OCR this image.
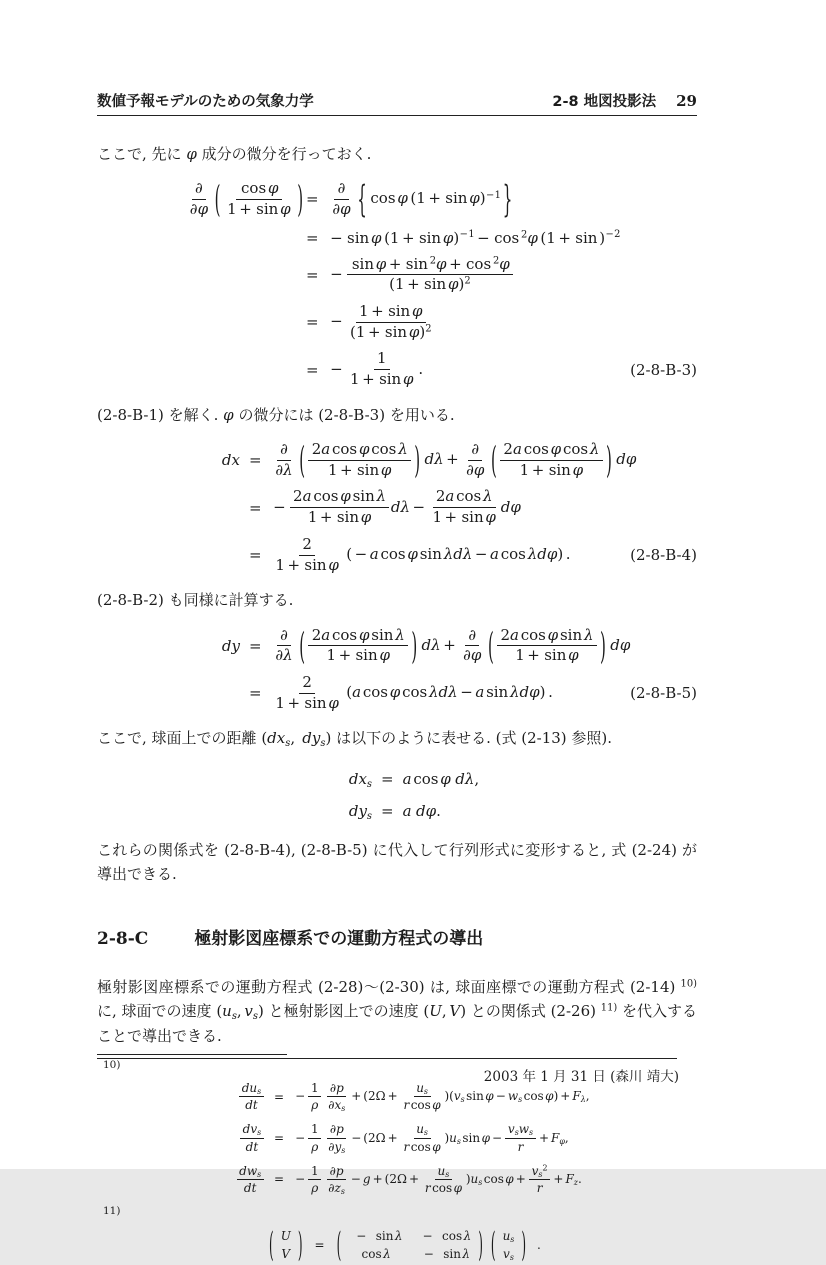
数値予報モデルのための気象力学	2-8 地図投影法 29

ここで, 先に φ 成分の微分を行っておく.

$\frac{\partial}{\partial\varphi}$ ( $\frac{\text{cos φ}}{\text{1 + sin φ}}$ ) = $\frac{\partial}{\partial\varphi}$ { cos φ $(1 + \sin \varphi)^{-1}$ }
= − sin φ $(1 + \sin \varphi)^{-1} - \cos ^2\varphi$ $(1 + \sin )^{-2}$
= − $\frac{\sin \varphi + \sin ^2\varphi + \cos ^2\varphi}{(1 + \sin \varphi)^2}$
= − $\frac{\text{1 + sin φ}}{(1 + \sin \varphi)^2}$
= − $\frac{1}{\text{1 + sin φ}}$ .	(2-8-B-3)

(2-8-B-1) を解く. φ の微分には (2-8-B-3) を用いる.

dx = $\frac{\partial}{\partial\lambda}$ ( $\frac{\text{2a cos φ cos λ}}{\text{1 + sin φ}}$ ) $d\lambda + \frac{\partial}{\partial\varphi}$ ( $\frac{\text{2a cos φ cos λ}}{\text{1 + sin φ}}$ ) dφ
= − $\frac{\text{2a cos φ sin λ}}{\text{1 + sin φ}}$ $d\lambda - \frac{\text{2a cos λ}}{\text{1 + sin φ}}$ dφ
= $\frac{2}{\text{1 + sin φ}}$ ( − a cos φ sin λdλ − a cos λdφ) .	(2-8-B-4)

(2-8-B-2) も同様に計算する.

dy = $\frac{\partial}{\partial\lambda}$ ( $\frac{\text{2a cos φ sin λ}}{\text{1 + sin φ}}$ ) $d\lambda + \frac{\partial}{\partial\varphi}$ ( $\frac{\text{2a cos φ sin λ}}{\text{1 + sin φ}}$ ) dφ
= $\frac{2}{\text{1 + sin φ}} (a$ cos φ cos λdλ − a sin λdφ) .	(2-8-B-5)

ここで, 球面上での距離 ($dx_s$, $dy_s$) は以下のように表せる. (式 (2-13) 参照).

$dx_s = a$ cos φ dλ,
$dy_s = a$ dφ.

これらの関係式を (2-8-B-4), (2-8-B-5) に代入して行列形式に変形すると, 式 (2-24) が導出できる.

2-8-C	極射影図座標系での運動方程式の導出

極射影図座標系での運動方程式 (2-28)～(2-30) は, 球面座標での運動方程式 (2-14) $^{10)}$ に, 球面での速度 ($u_s$, $v_s$) と極射影図上での速度 (U, V) との関係式 (2-26) $^{11)}$ を代入することで導出できる.

10)
$\frac{du_s}{dt}$ = − $\frac{1}{\rho} \frac{\partial p}{\partial x_s} + (2\Omega + \frac{u_s}{rcos\varphi} )(v_s\sin\varphi - w_s\cos\varphi) + F_\lambda$,
$\frac{dv_s}{dt}$ = − $\frac{1}{\rho} \frac{\partial p}{\partial y_s} - (2\Omega + \frac{u_s}{rcos\varphi} )u_s\sin\varphi - \frac{v_sw_s}{r} + F_\varphi$,
$\frac{dw_s}{dt}$ = − $\frac{1}{\rho} \frac{\partial p}{\partial z_s} - g + (2\Omega + \frac{u_s}{rcos\varphi} )u_s\cos\varphi + \frac{v_s^2}{r} + F_z$.
11)
( U
V ) = (	− sinλ	− cosλ
cosλ	− sinλ ) ( $u_s$
$v_s$ ) .
2003 年 1 月 31 日 (森川 靖大)
